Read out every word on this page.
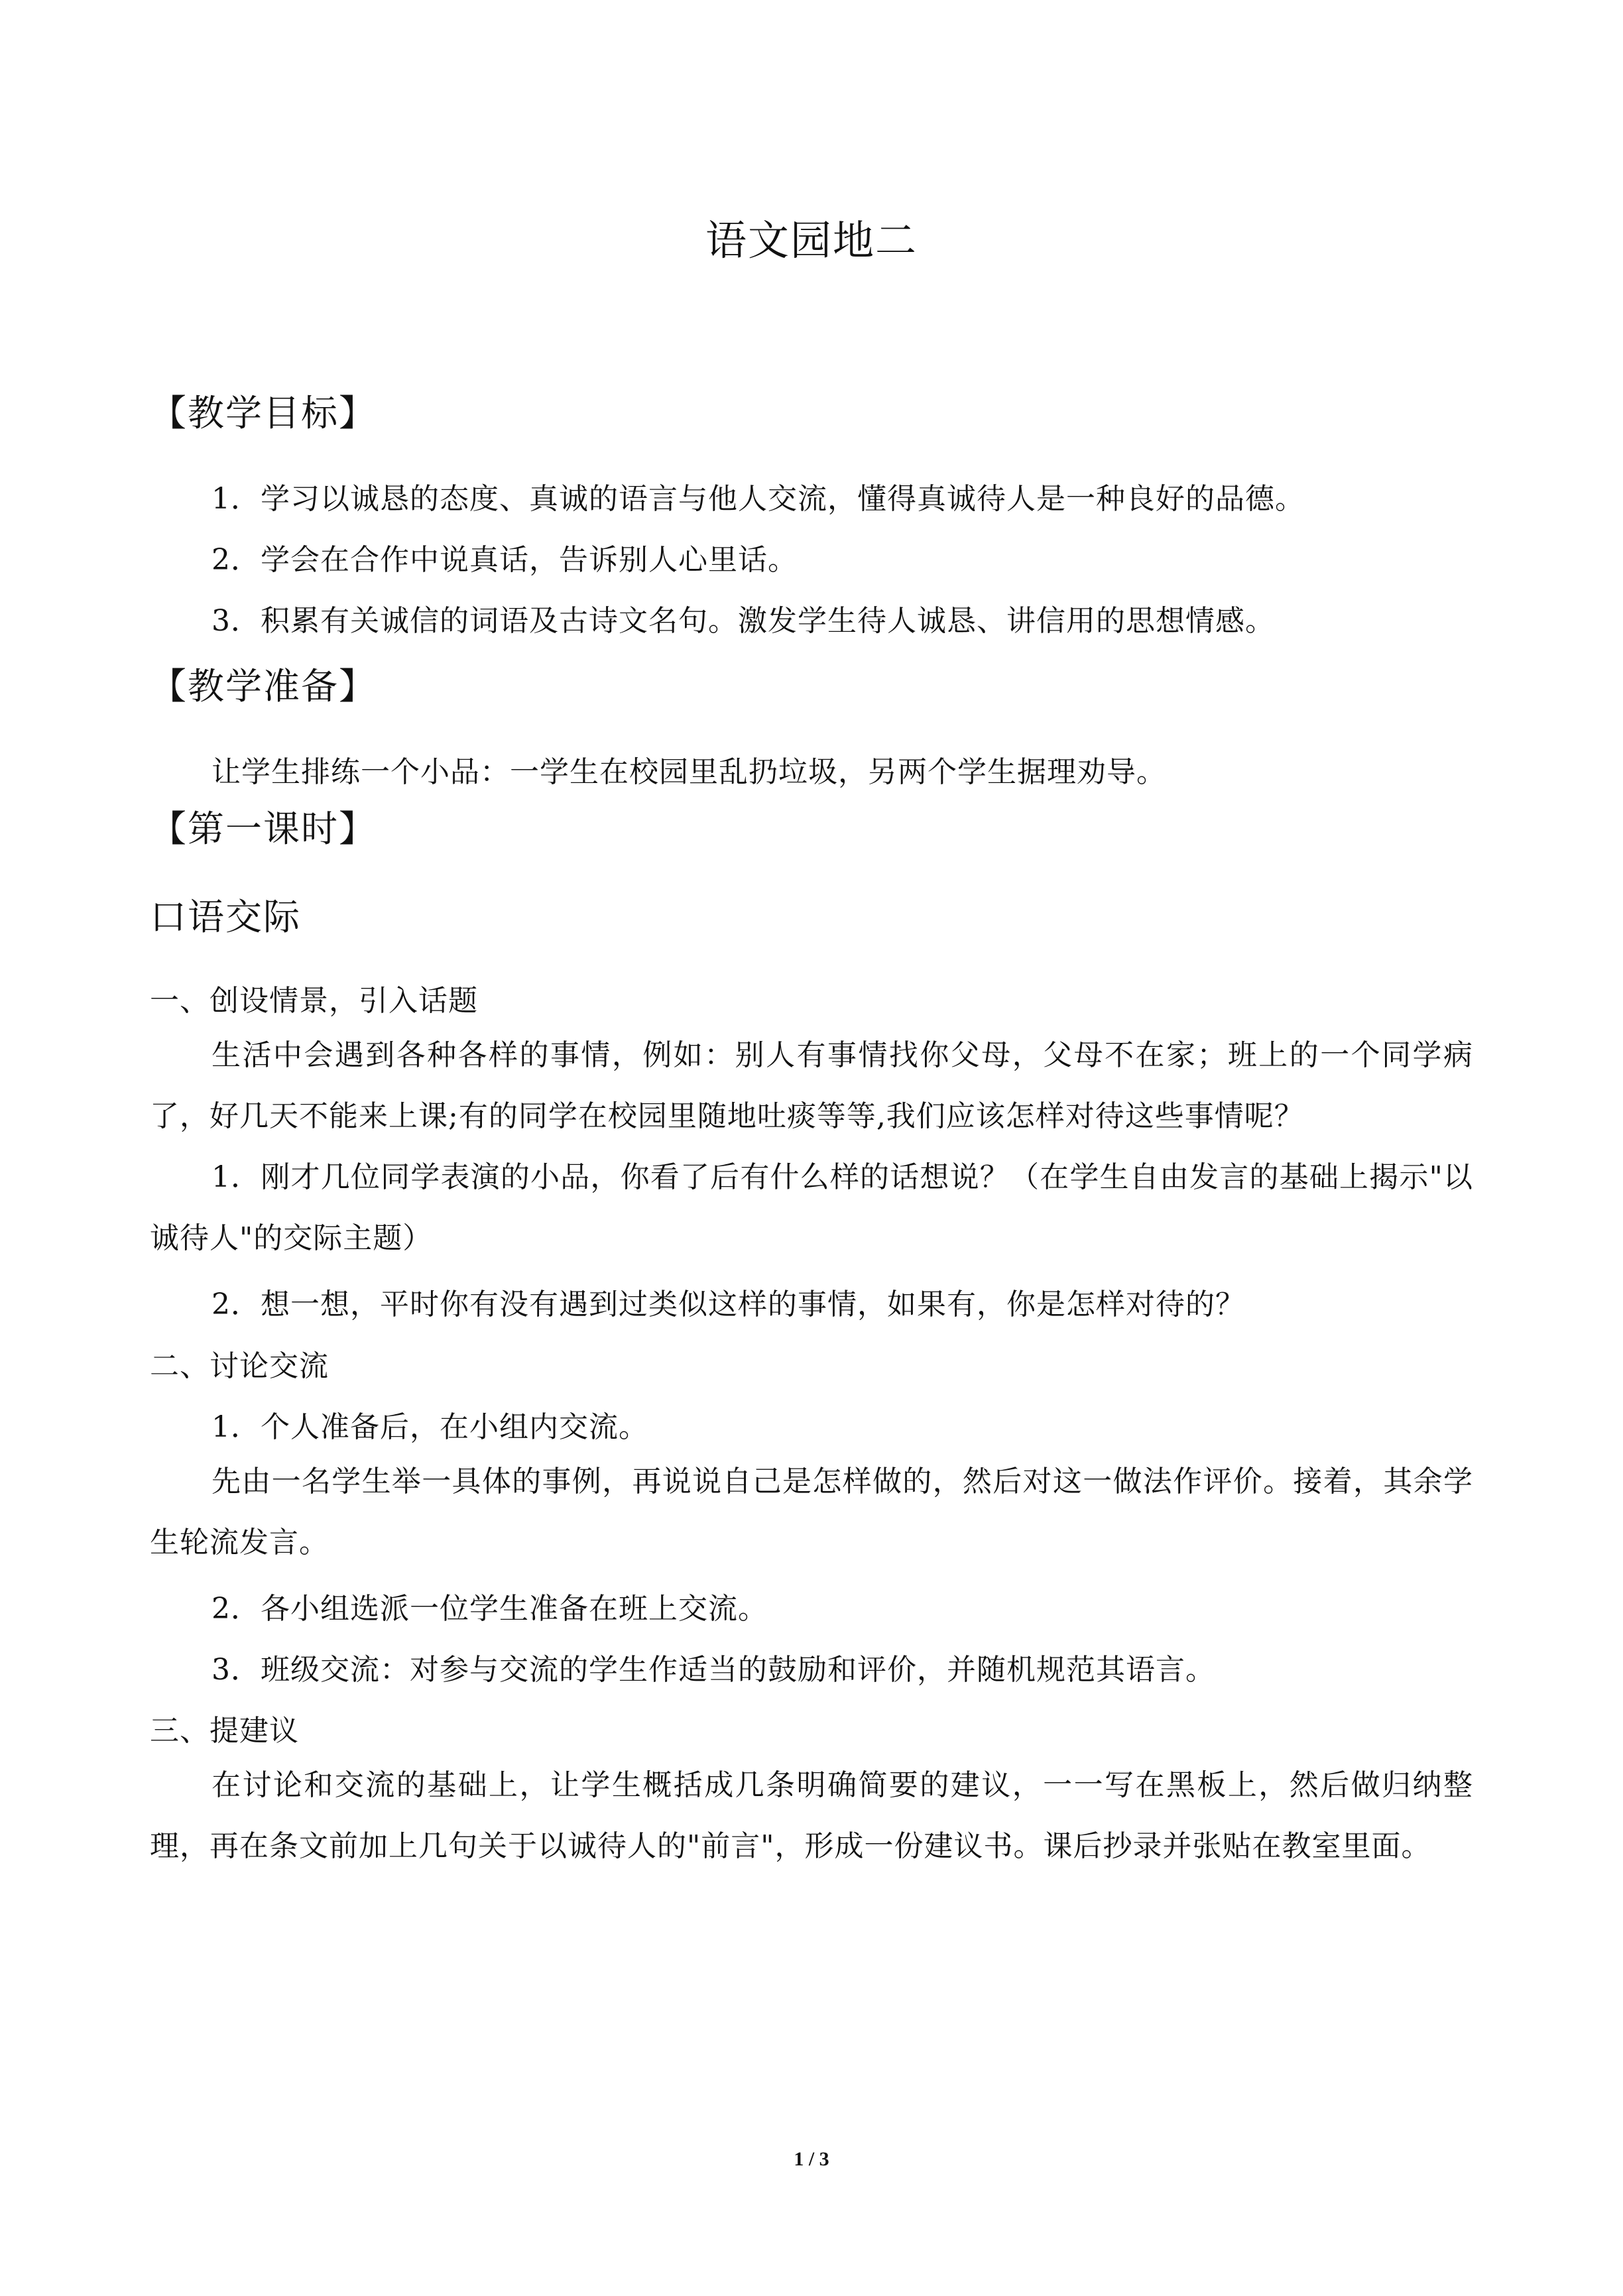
语文园地二
【教学目标】
1．学习以诚恳的态度、真诚的语言与他人交流，懂得真诚待人是一种良好的品德。
2．学会在合作中说真话，告诉别人心里话。
3．积累有关诚信的词语及古诗文名句。激发学生待人诚恳、讲信用的思想情感。
【教学准备】
让学生排练一个小品：一学生在校园里乱扔垃圾，另两个学生据理劝导。
【第一课时】
口语交际
一、创设情景，引入话题

生活中会遇到各种各样的事情，例如：别人有事情找你父母，父母不在家；班上的一个同学病了，好几天不能来上课;有的同学在校园里随地吐痰等等,我们应该怎样对待这些事情呢？

1．刚才几位同学表演的小品，你看了后有什么样的话想说？（在学生自由发言的基础上揭示"以诚待人"的交际主题）

2．想一想，平时你有没有遇到过类似这样的事情，如果有，你是怎样对待的？
二、讨论交流
1．个人准备后，在小组内交流。

先由一名学生举一具体的事例，再说说自己是怎样做的，然后对这一做法作评价。接着，其余学生轮流发言。

2．各小组选派一位学生准备在班上交流。
3．班级交流：对参与交流的学生作适当的鼓励和评价，并随机规范其语言。
三、提建议

在讨论和交流的基础上，让学生概括成几条明确简要的建议，一一写在黑板上，然后做归纳整理，再在条文前加上几句关于以诚待人的"前言"，形成一份建议书。课后抄录并张贴在教室里面。

1 / 3
